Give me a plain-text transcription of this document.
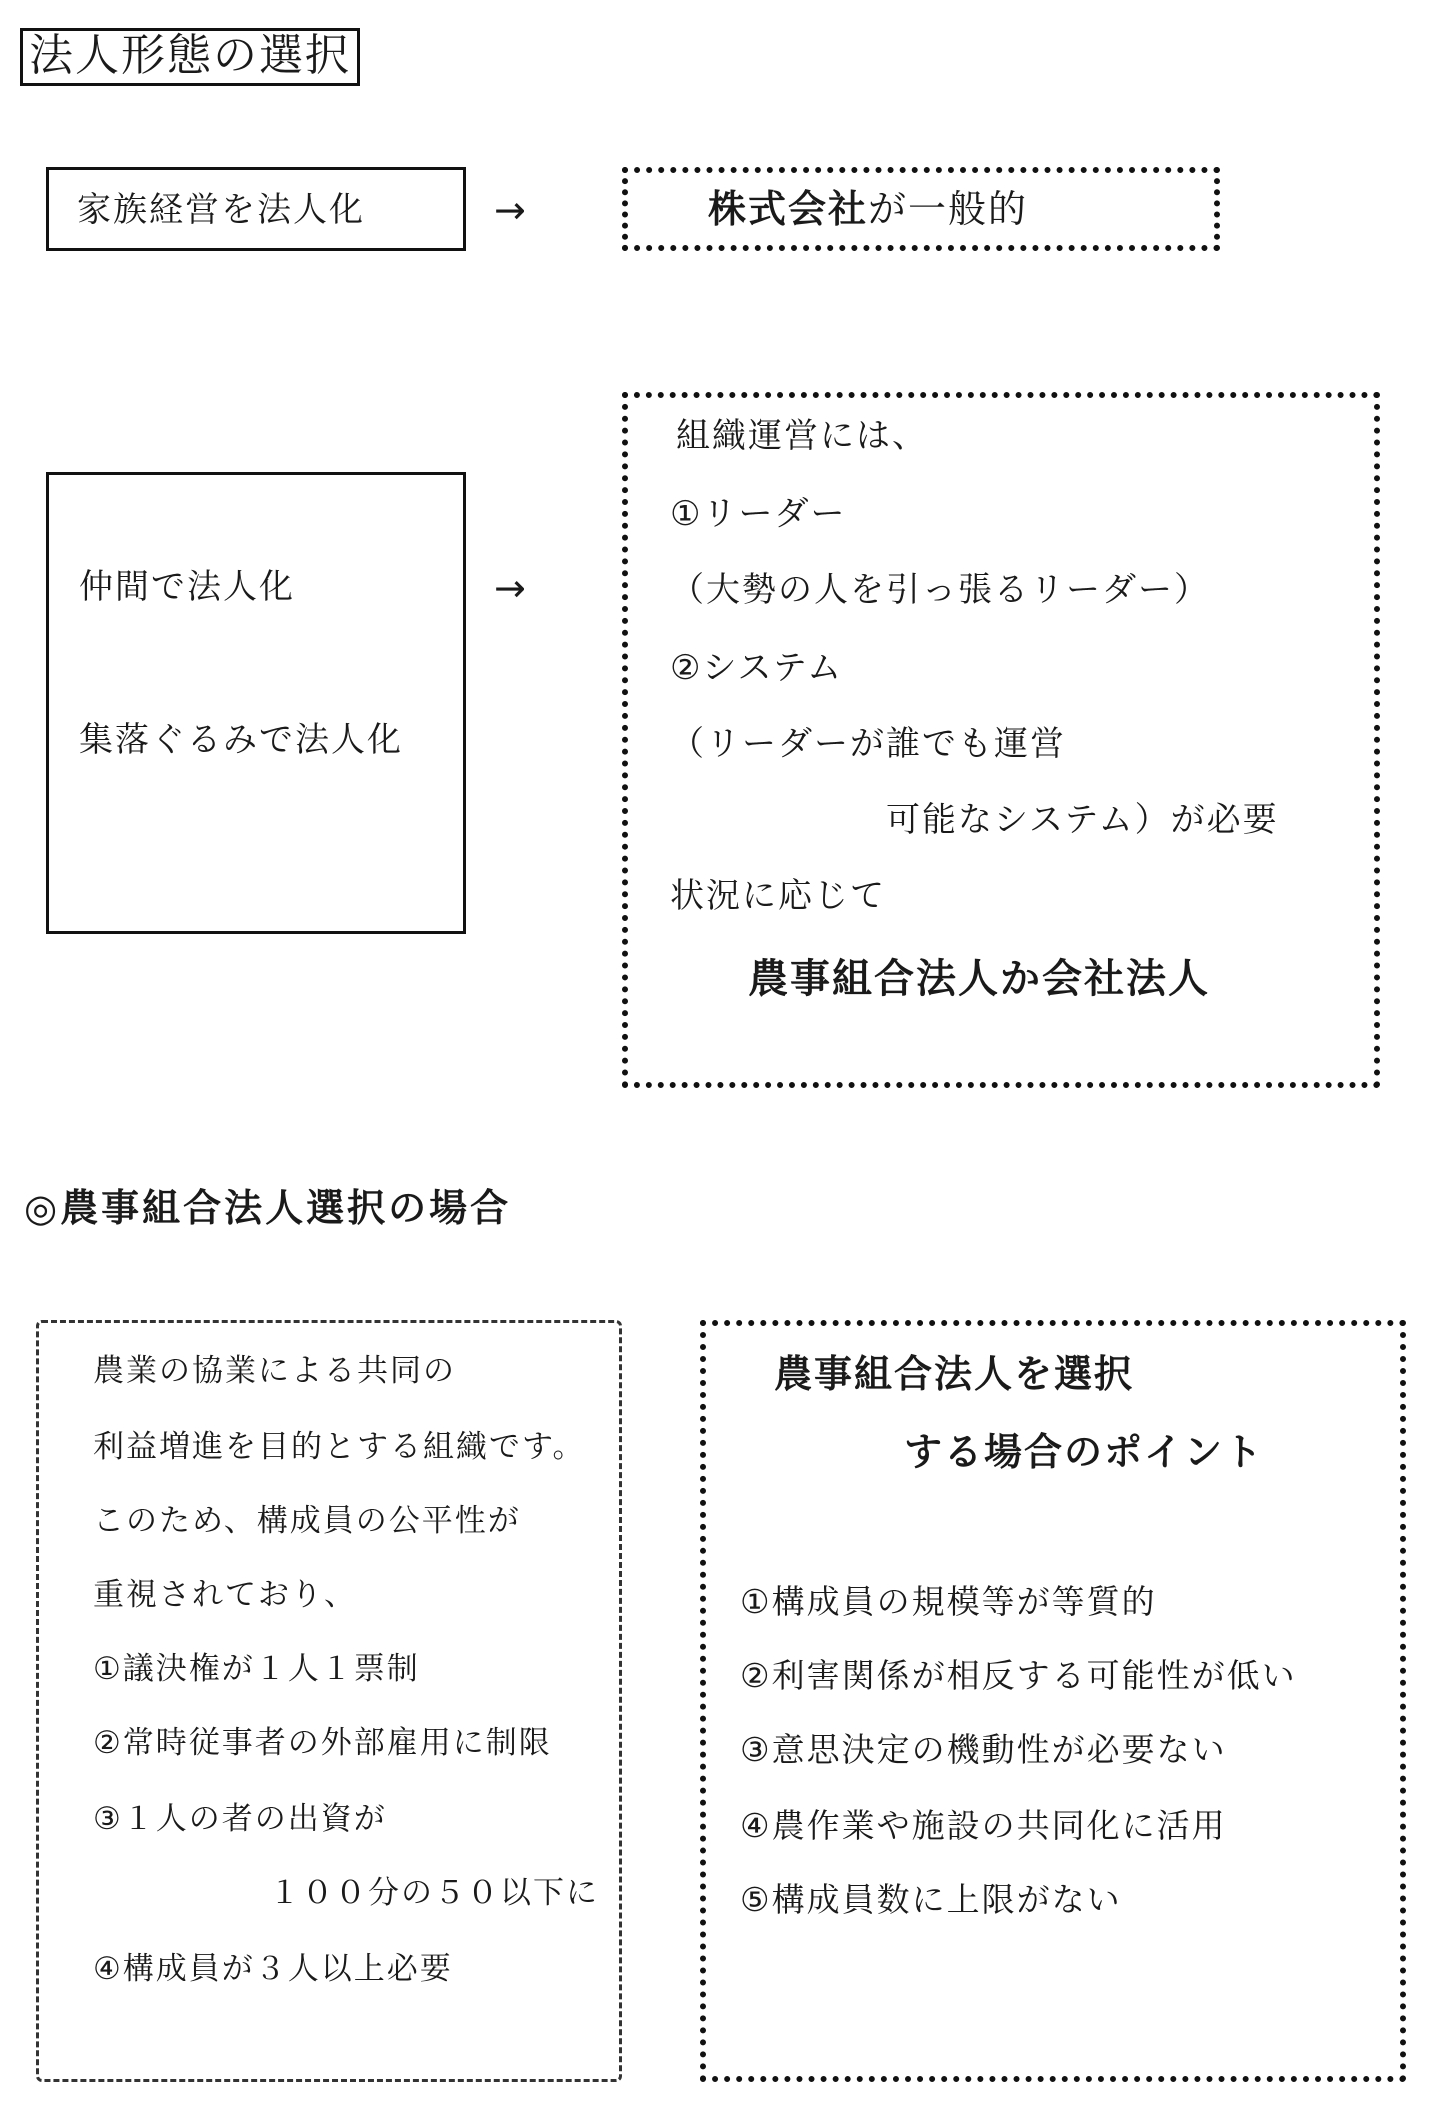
法人形態の選択
家族経営を法人化	→	株式会社が一般的
仲間で法人化
集落ぐるみで法人化
→
組織運営には、
①リーダー
（大勢の人を引っ張るリーダー）
②システム
（リーダーが誰でも運営
可能なシステム）が必要
状況に応じて
農事組合法人か会社法人
◎農事組合法人選択の場合
農業の協業による共同の
利益増進を目的とする組織です。
このため、構成員の公平性が
重視されており、
①議決権が１人１票制
②常時従事者の外部雇用に制限
③１人の者の出資が
１００分の５０以下に
④構成員が３人以上必要
農事組合法人を選択
する場合のポイント
①構成員の規模等が等質的
②利害関係が相反する可能性が低い
③意思決定の機動性が必要ない
④農作業や施設の共同化に活用
⑤構成員数に上限がない
